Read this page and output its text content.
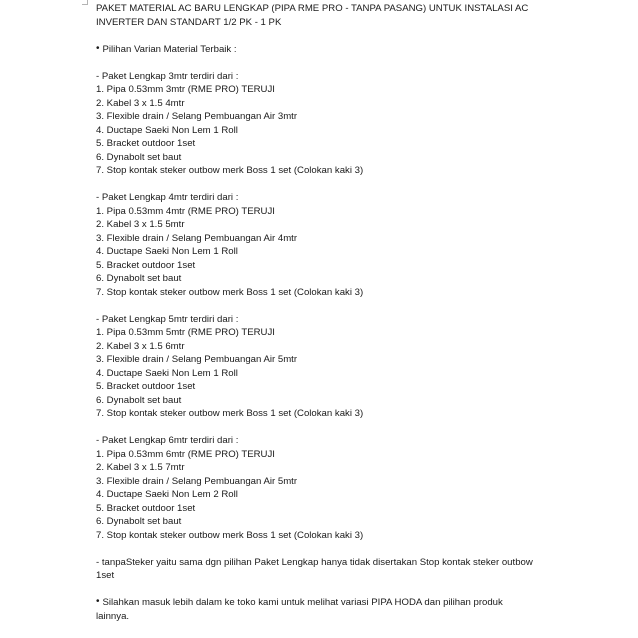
PAKET MATERIAL AC BARU LENGKAP (PIPA RME PRO - TANPA PASANG) UNTUK INSTALASI AC INVERTER DAN STANDART 1/2 PK - 1 PK

• Pilihan Varian Material Terbaik :

- Paket Lengkap 3mtr terdiri dari :

1. Pipa 0.53mm 3mtr (RME PRO) TERUJI

2. Kabel 3 x 1.5 4mtr

3. Flexible drain / Selang Pembuangan Air 3mtr

4. Ductape Saeki Non Lem 1 Roll

5. Bracket outdoor 1set

6. Dynabolt set baut

7. Stop kontak steker outbow merk Boss 1 set (Colokan kaki 3)

- Paket Lengkap 4mtr terdiri dari :

1. Pipa 0.53mm 4mtr (RME PRO) TERUJI

2. Kabel 3 x 1.5 5mtr

3. Flexible drain / Selang Pembuangan Air 4mtr

4. Ductape Saeki Non Lem 1 Roll

5. Bracket outdoor 1set

6. Dynabolt set baut

7. Stop kontak steker outbow merk Boss 1 set (Colokan kaki 3)

- Paket Lengkap 5mtr terdiri dari :

1. Pipa 0.53mm 5mtr (RME PRO) TERUJI

2. Kabel 3 x 1.5 6mtr

3. Flexible drain / Selang Pembuangan Air 5mtr

4. Ductape Saeki Non Lem 1 Roll

5. Bracket outdoor 1set

6. Dynabolt set baut

7. Stop kontak steker outbow merk Boss 1 set (Colokan kaki 3)

- Paket Lengkap 6mtr terdiri dari :

1. Pipa 0.53mm 6mtr (RME PRO) TERUJI

2. Kabel 3 x 1.5 7mtr

3. Flexible drain / Selang Pembuangan Air 5mtr

4. Ductape Saeki Non Lem 2 Roll

5. Bracket outdoor 1set

6. Dynabolt set baut

7. Stop kontak steker outbow merk Boss 1 set (Colokan kaki 3)

- tanpaSteker yaitu sama dgn pilihan Paket Lengkap hanya tidak disertakan Stop kontak steker outbow 1set

• Silahkan masuk lebih dalam ke toko kami untuk melihat variasi PIPA HODA dan pilihan produk lainnya.
